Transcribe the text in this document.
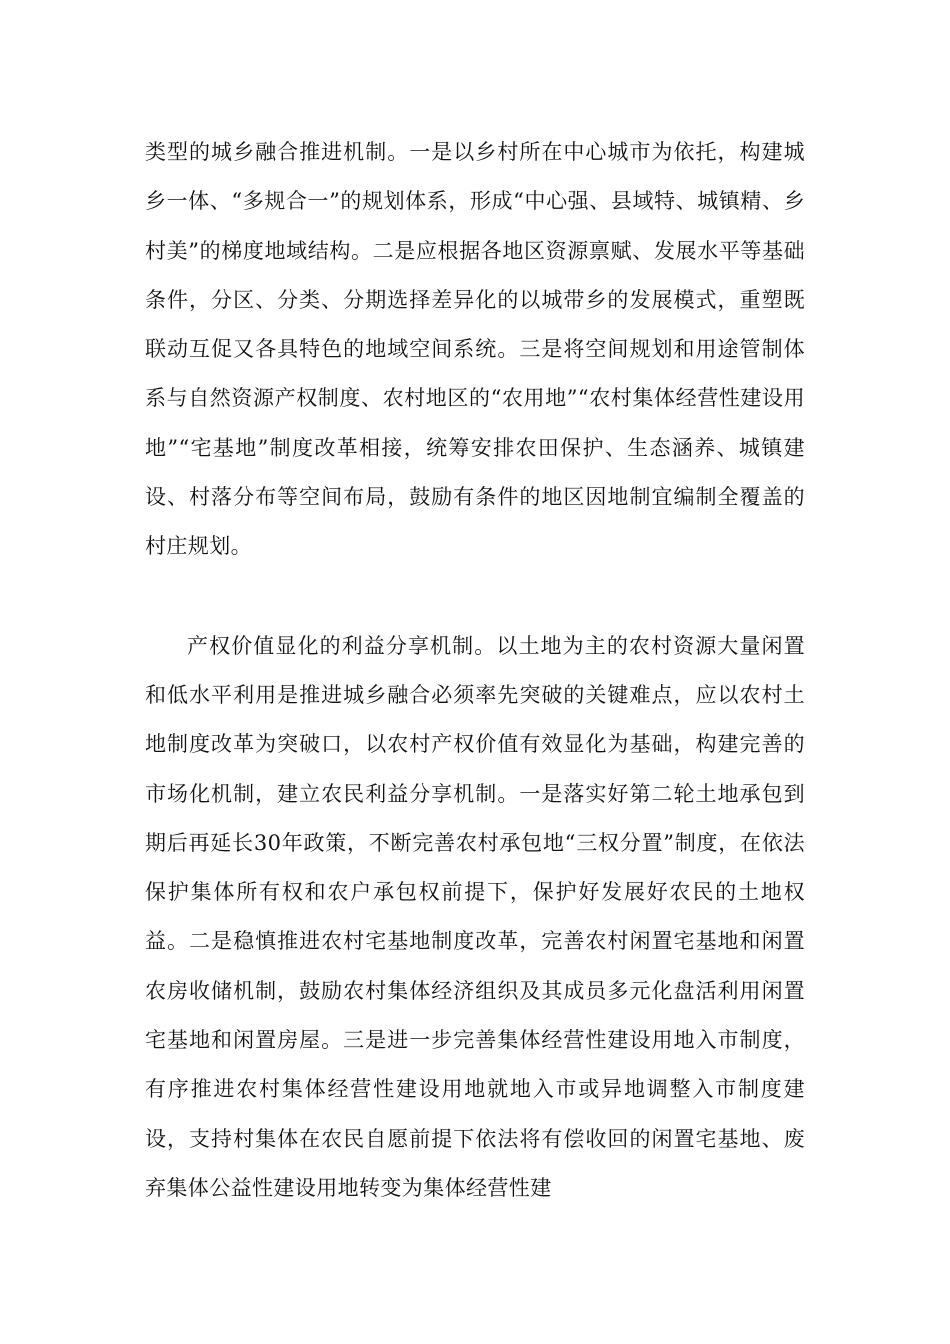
类型的城乡融合推进机制。一是以乡村所在中心城市为依托，构建城乡一体、“多规合一”的规划体系，形成“中心强、县域特、城镇精、乡村美”的梯度地域结构。二是应根据各地区资源禀赋、发展水平等基础条件，分区、分类、分期选择差异化的以城带乡的发展模式，重塑既联动互促又各具特色的地域空间系统。三是将空间规划和用途管制体系与自然资源产权制度、农村地区的“农用地”“农村集体经营性建设用地”“宅基地”制度改革相接，统筹安排农田保护、生态涵养、城镇建设、村落分布等空间布局，鼓励有条件的地区因地制宜编制全覆盖的村庄规划。

产权价值显化的利益分享机制。以土地为主的农村资源大量闲置和低水平利用是推进城乡融合必须率先突破的关键难点，应以农村土地制度改革为突破口，以农村产权价值有效显化为基础，构建完善的市场化机制，建立农民利益分享机制。一是落实好第二轮土地承包到期后再延长30年政策，不断完善农村承包地“三权分置”制度，在依法保护集体所有权和农户承包权前提下，保护好发展好农民的土地权益。二是稳慎推进农村宅基地制度改革，完善农村闲置宅基地和闲置农房收储机制，鼓励农村集体经济组织及其成员多元化盘活利用闲置宅基地和闲置房屋。三是进一步完善集体经营性建设用地入市制度，有序推进农村集体经营性建设用地就地入市或异地调整入市制度建设，支持村集体在农民自愿前提下依法将有偿收回的闲置宅基地、废弃集体公益性建设用地转变为集体经营性建
